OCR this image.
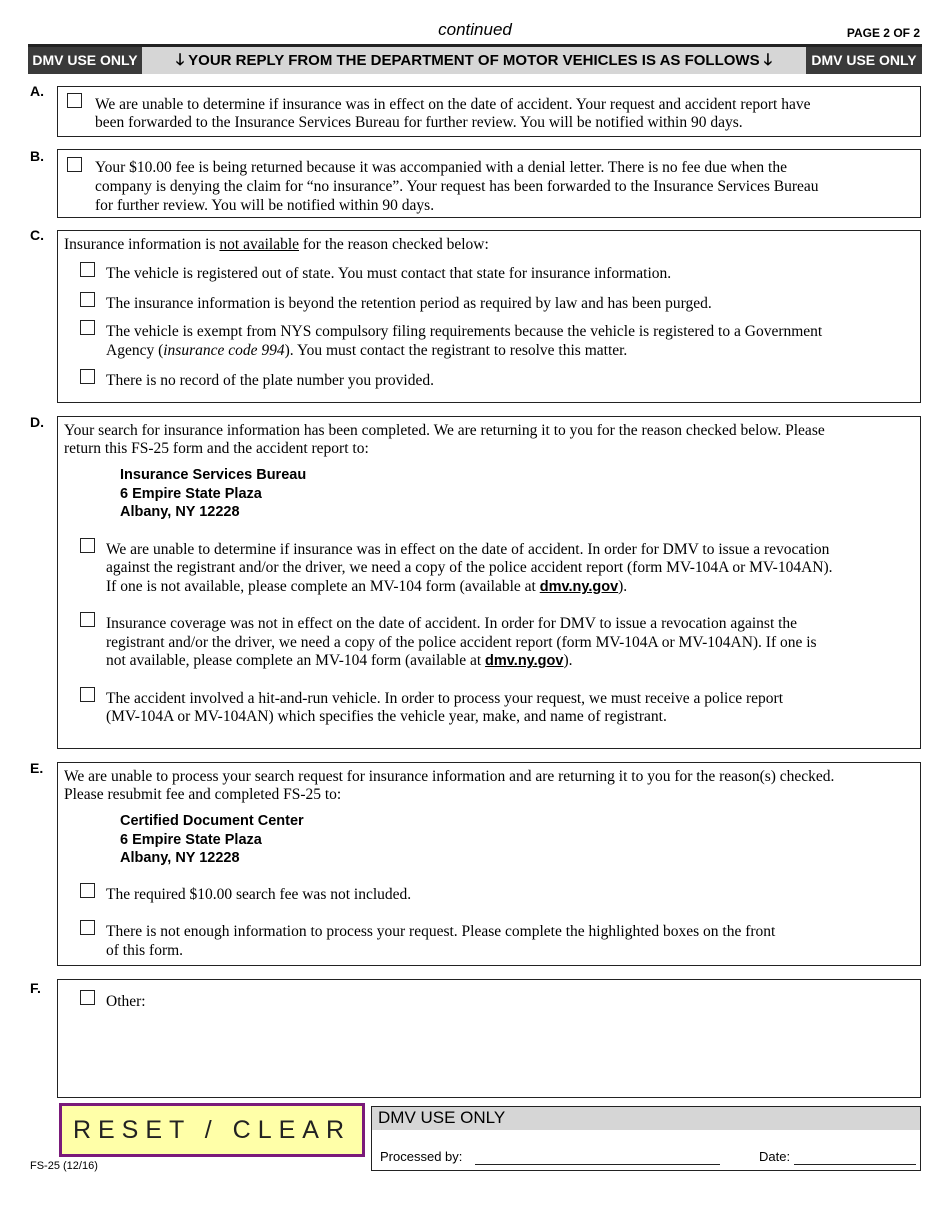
continued	PAGE 2 OF 2
DMV USE ONLY	🡓 YOUR REPLY FROM THE DEPARTMENT OF MOTOR VEHICLES IS AS FOLLOWS 🡓	DMV USE ONLY
A.
We are unable to determine if insurance was in effect on the date of accident. Your request and accident report have
been forwarded to the Insurance Services Bureau for further review. You will be notified within 90 days.
B.
Your $10.00 fee is being returned because it was accompanied with a denial letter. There is no fee due when the
company is denying the claim for “no insurance”. Your request has been forwarded to the Insurance Services Bureau
for further review. You will be notified within 90 days.
C.
Insurance information is not available for the reason checked below:
The vehicle is registered out of state. You must contact that state for insurance information.
The insurance information is beyond the retention period as required by law and has been purged.
The vehicle is exempt from NYS compulsory filing requirements because the vehicle is registered to a Government
Agency (insurance code 994). You must contact the registrant to resolve this matter.
There is no record of the plate number you provided.
D. Your search for insurance information has been completed. We are returning it to you for the reason checked below. Please
return this FS-25 form and the accident report to:
Insurance Services Bureau
6 Empire State Plaza
Albany, NY 12228
We are unable to determine if insurance was in effect on the date of accident. In order for DMV to issue a revocation
against the registrant and/or the driver, we need a copy of the police accident report (form MV-104A or MV-104AN).
If one is not available, please complete an MV-104 form (available at dmv.ny.gov).
Insurance coverage was not in effect on the date of accident. In order for DMV to issue a revocation against the
registrant and/or the driver, we need a copy of the police accident report (form MV-104A or MV-104AN). If one is
not available, please complete an MV-104 form (available at dmv.ny.gov).
The accident involved a hit-and-run vehicle. In order to process your request, we must receive a police report
(MV-104A or MV-104AN) which specifies the vehicle year, make, and name of registrant.
E. We are unable to process your search request for insurance information and are returning it to you for the reason(s) checked.
Please resubmit fee and completed FS-25 to:
Certified Document Center
6 Empire State Plaza
Albany, NY 12228
The required $10.00 search fee was not included.
There is not enough information to process your request. Please complete the highlighted boxes on the front
of this form.
F.
Other:
RESET / CLEAR	DMV USE ONLY
Processed by:	Date:
FS-25 (12/16)
